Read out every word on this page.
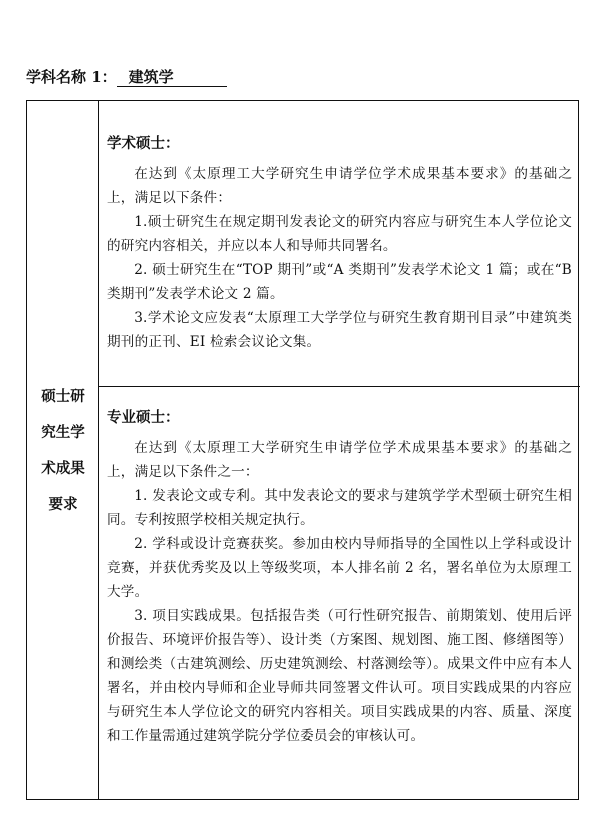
学科名称 1： 建筑学
硕士研
究生学
术成果
要求
学术硕士：

在达到《太原理工大学研究生申请学位学术成果基本要求》的基础之上，满足以下条件：

1.硕士研究生在规定期刊发表论文的研究内容应与研究生本人学位论文的研究内容相关，并应以本人和导师共同署名。

2. 硕士研究生在“TOP 期刊”或“A 类期刊”发表学术论文 1 篇；或在“B 类期刊”发表学术论文 2 篇。

3.学术论文应发表“太原理工大学学位与研究生教育期刊目录”中建筑类期刊的正刊、EI 检索会议论文集。

专业硕士：

在达到《太原理工大学研究生申请学位学术成果基本要求》的基础之上，满足以下条件之一：

1. 发表论文或专利。其中发表论文的要求与建筑学学术型硕士研究生相同。专利按照学校相关规定执行。

2. 学科或设计竞赛获奖。参加由校内导师指导的全国性以上学科或设计竞赛，并获优秀奖及以上等级奖项，本人排名前 2 名，署名单位为太原理工大学。

3. 项目实践成果。包括报告类（可行性研究报告、前期策划、使用后评价报告、环境评价报告等）、设计类（方案图、规划图、施工图、修缮图等）和测绘类（古建筑测绘、历史建筑测绘、村落测绘等）。成果文件中应有本人署名，并由校内导师和企业导师共同签署文件认可。项目实践成果的内容应与研究生本人学位论文的研究内容相关。项目实践成果的内容、质量、深度和工作量需通过建筑学院分学位委员会的审核认可。
